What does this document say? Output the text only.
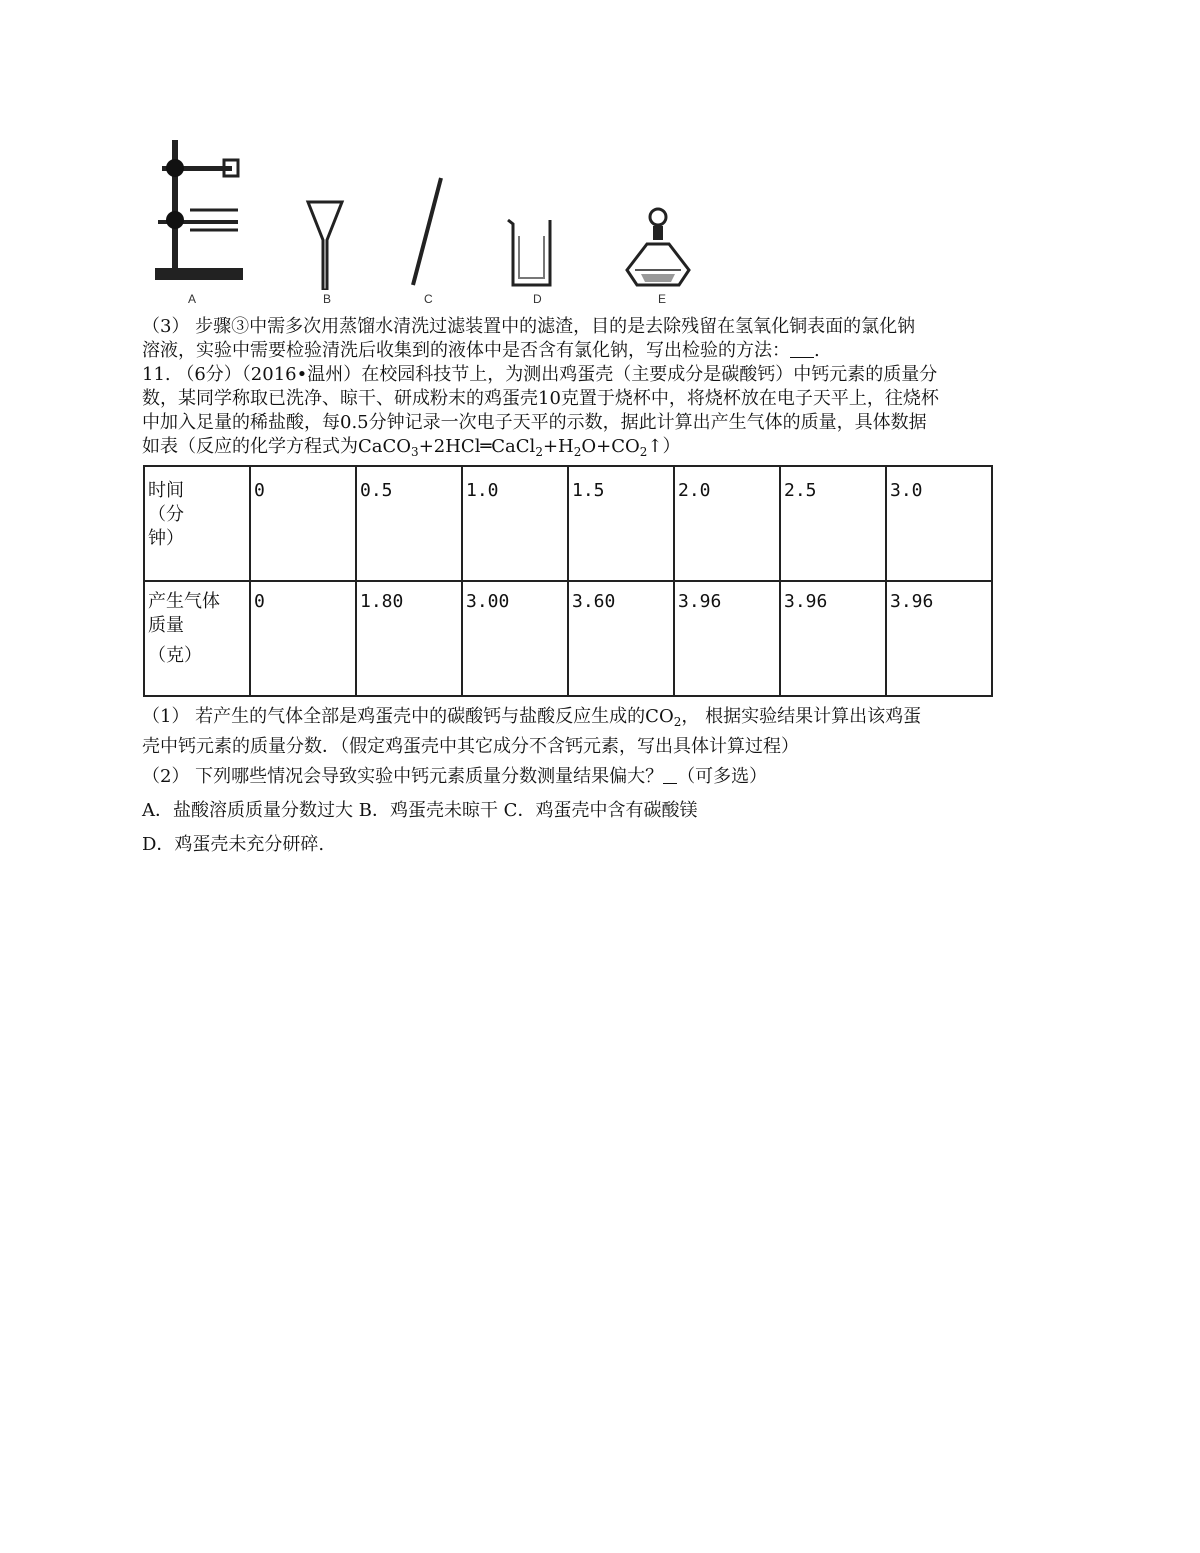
A	B	C	D	E
（3） 步骤③中需多次用蒸馏水清洗过滤装置中的滤渣，目的是去除残留在氢氧化铜表面的氯化钠
溶液，实验中需要检验清洗后收集到的液体中是否含有氯化钠，写出检验的方法： .
11. （6分）（2016•温州）在校园科技节上，为测出鸡蛋壳（主要成分是碳酸钙）中钙元素的质量分
数，某同学称取已洗净、晾干、研成粉末的鸡蛋壳10克置于烧杯中，将烧杯放在电子天平上，往烧杯
中加入足量的稀盐酸，每0.5分钟记录一次电子天平的示数，据此计算出产生气体的质量，具体数据
如表（反应的化学方程式为$CaCO_3+2HCl═CaCl_2+H_2O+CO_2↑$）
时间
（分
钟）	0	0.5	1.0	1.5	2.0	2.5	3.0

产生气体
质量
（克）	0	1.80	3.00	3.60	3.96	3.96	3.96
（1） 若产生的气体全部是鸡蛋壳中的碳酸钙与盐酸反应生成的$CO_2$， 根据实验结果计算出该鸡蛋
壳中钙元素的质量分数．（假定鸡蛋壳中其它成分不含钙元素，写出具体计算过程）
（2） 下列哪些情况会导致实验中钙元素质量分数测量结果偏大？ （可多选）
A．盐酸溶质质量分数过大 B．鸡蛋壳未晾干 C．鸡蛋壳中含有碳酸镁
D．鸡蛋壳未充分研碎.
